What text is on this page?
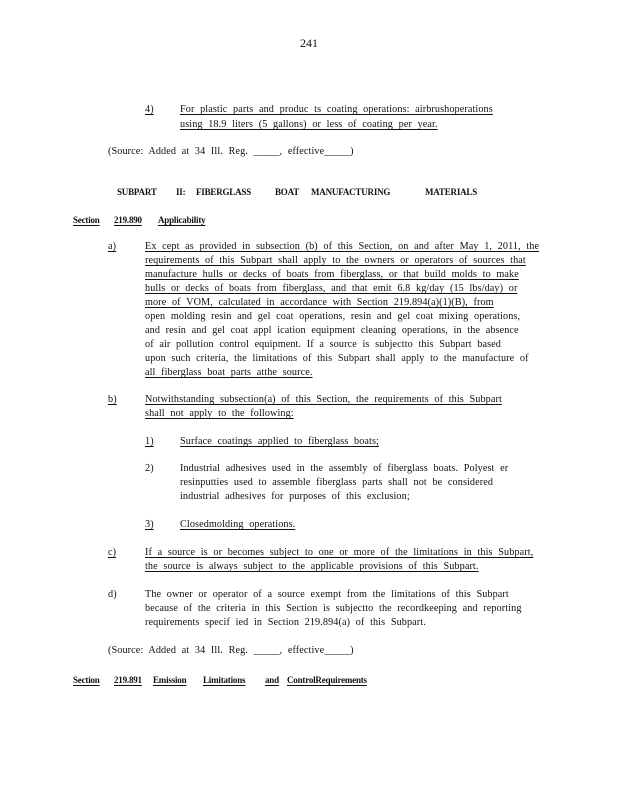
241
4)	For plastic parts and produc ts coating operations: airbrushoperations
using 18.9 liters (5 gallons) or less of coating per year.
(Source: Added at 34 Ill. Reg. _____, effective_____)
SUBPART II: FIBERGLASS	BOAT MANUFACTURING	MATERIALS
Section 219.890 Applicability
a)	Ex cept as provided in subsection (b) of this Section, on and after May 1, 2011, the
requirements of this Subpart shall apply to the owners or operators of sources that
manufacture hulls or decks of boats from fiberglass, or that build molds to make
hulls or decks of boats from fiberglass, and that emit 6.8 kg/day (15 lbs/day) or
more of VOM, calculated in accordance with Section 219.894(a)(1)(B), from
open molding resin and gel coat operations, resin and gel coat mixing operations,
and resin and gel coat appl ication equipment cleaning operations, in the absence
of air pollution control equipment. If a source is subjectto this Subpart based
upon such criteria, the limitations of this Subpart shall apply to the manufacture of
all fiberglass boat parts atthe source.
b)	Notwithstanding subsection(a) of this Section, the requirements of this Subpart
shall not apply to the following:
1)	Surface coatings applied to fiberglass boats;
2)	Industrial adhesives used in the assembly of fiberglass boats. Polyest er
resinputties used to assemble fiberglass parts shall not be considered
industrial adhesives for purposes of this exclusion;
3)	Closedmolding operations.
c)	If a source is or becomes subject to one or more of the limitations in this Subpart,
the source is always subject to the applicable provisions of this Subpart.
d)	The owner or operator of a source exempt from the limitations of this Subpart
because of the criteria in this Section is subjectto the recordkeeping and reporting
requirements specif ied in Section 219.894(a) of this Subpart.
(Source: Added at 34 Ill. Reg. _____, effective_____)
Section 219.891 Emission Limitations and ControlRequirements
